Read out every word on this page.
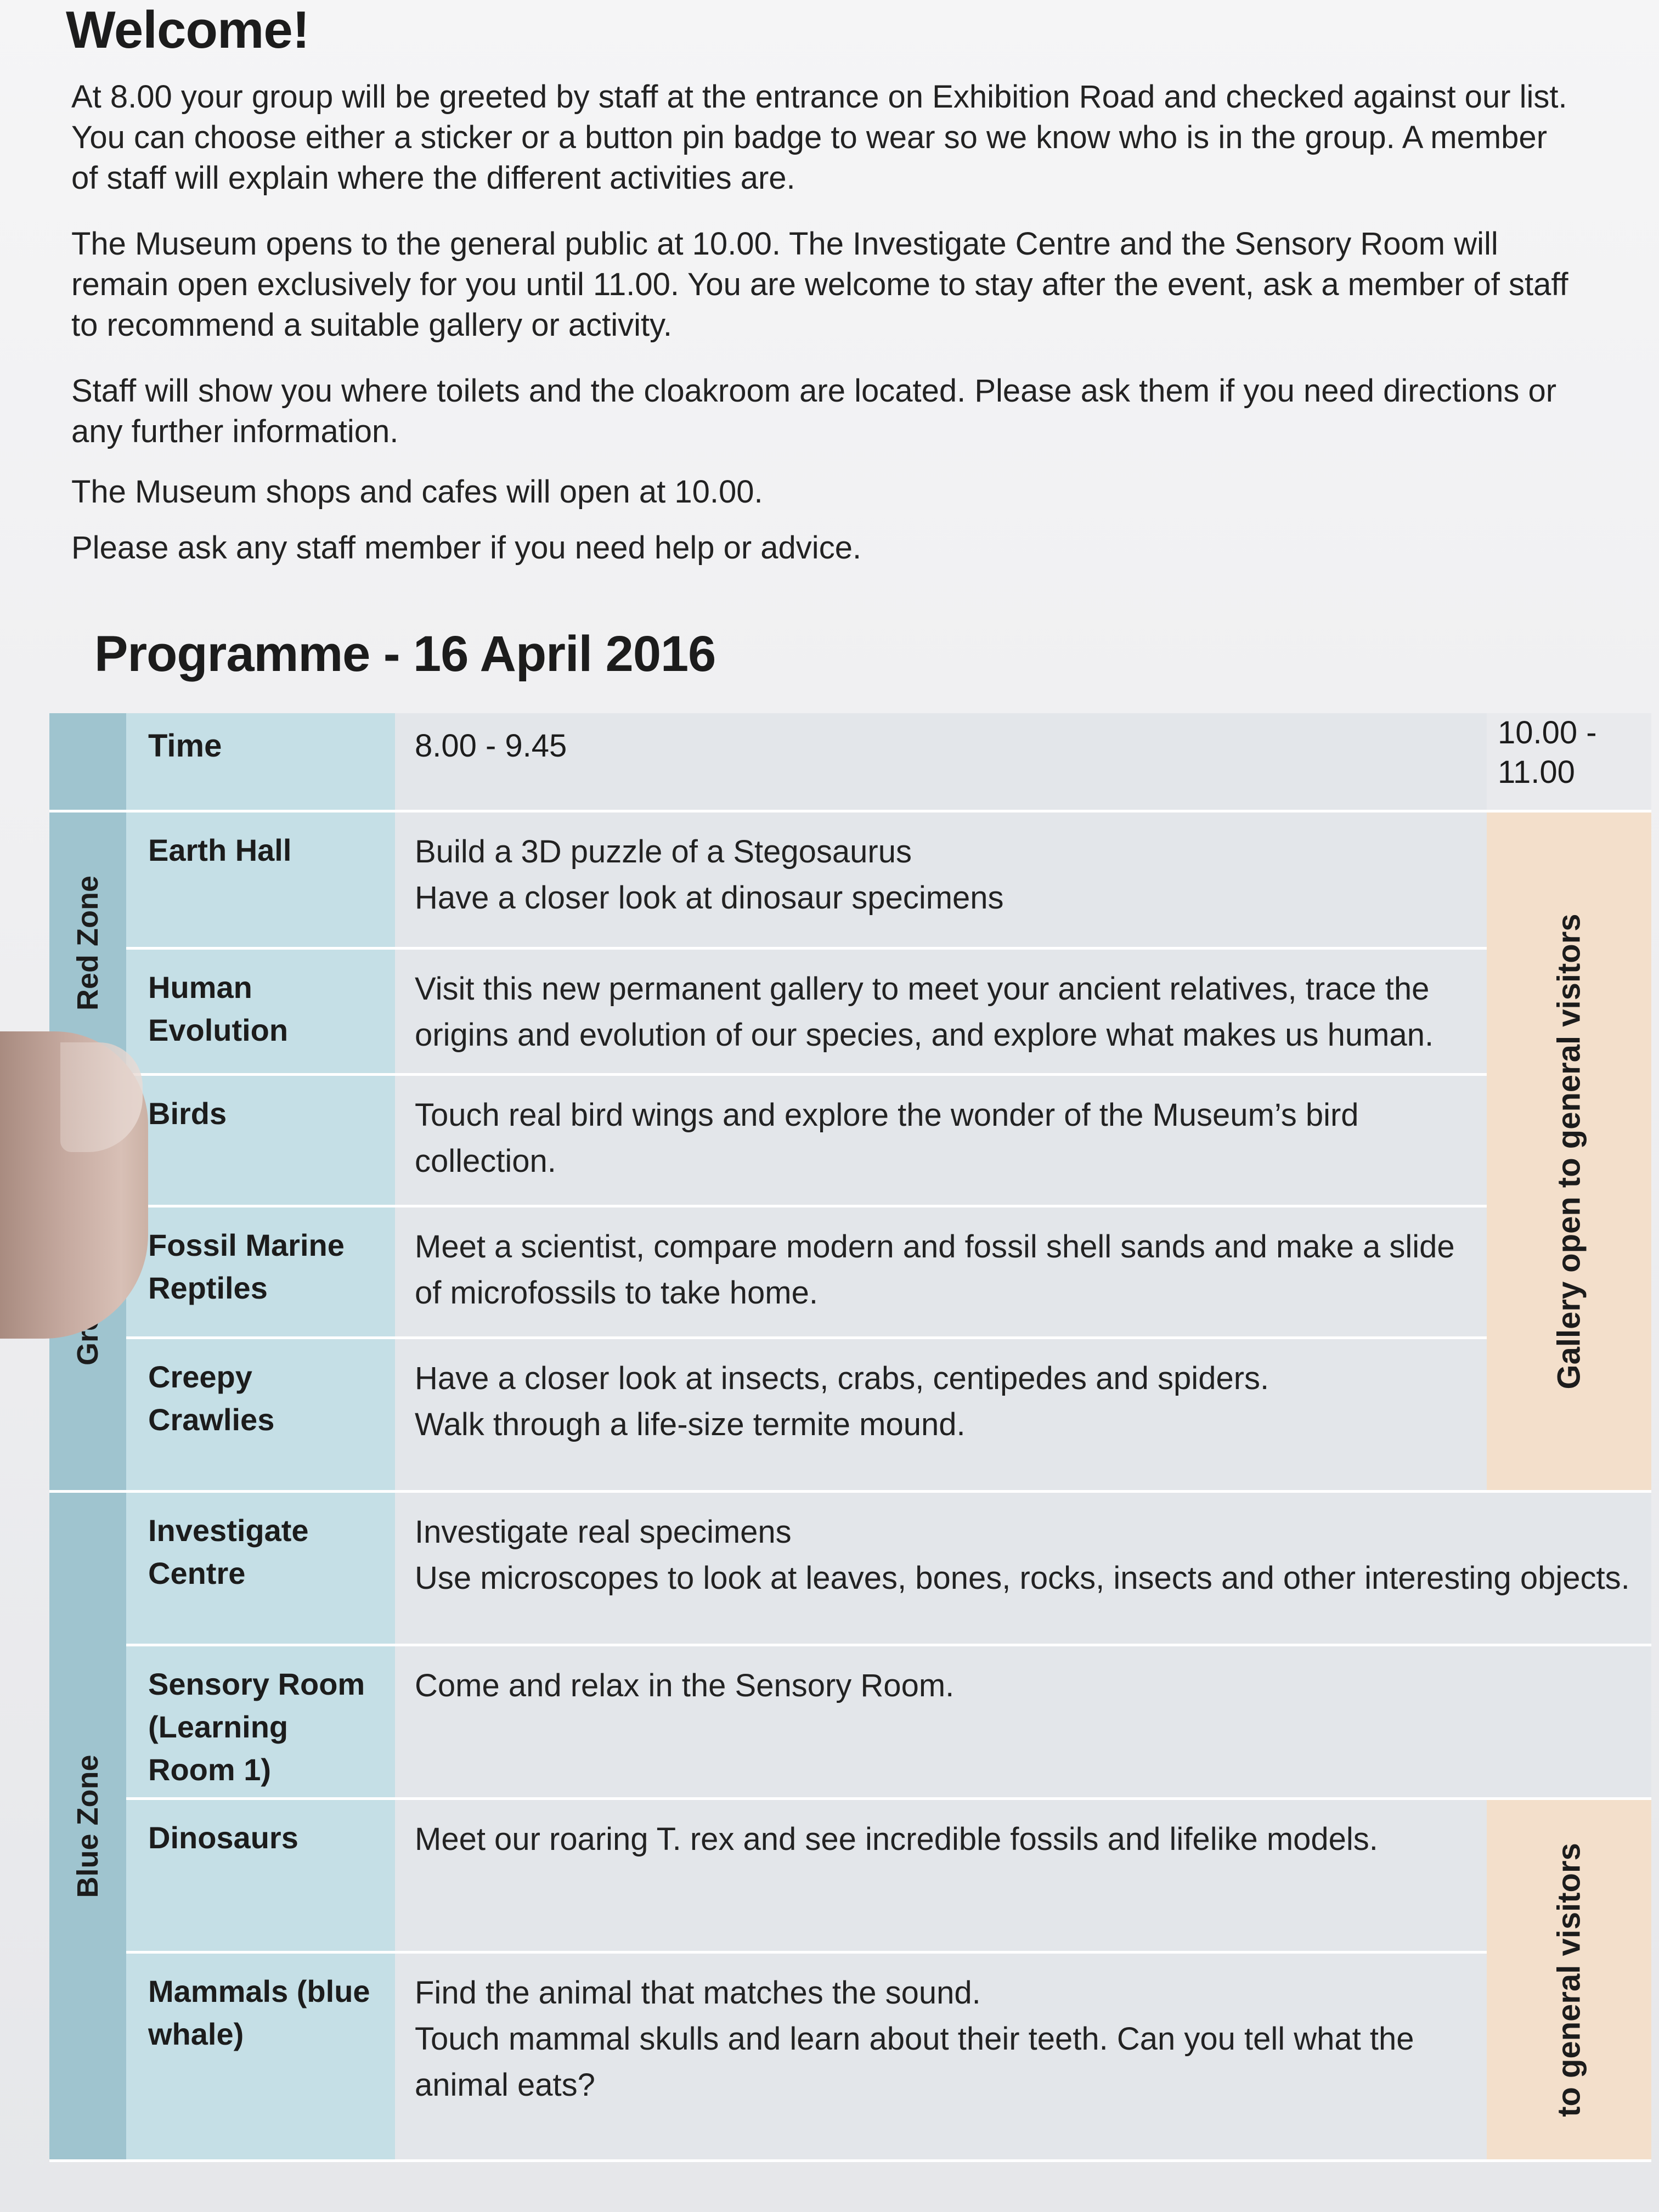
Welcome!
At 8.00 your group will be greeted by staff at the entrance on Exhibition Road and checked against our list. You can choose either a sticker or a button pin badge to wear so we know who is in the group. A member of staff will explain where the different activities are.
The Museum opens to the general public at 10.00. The Investigate Centre and the Sensory Room will remain open exclusively for you until 11.00. You are welcome to stay after the event, ask a member of staff to recommend a suitable gallery or activity.
Staff will show you where toilets and the cloakroom are located. Please ask them if you need directions or any further information.
The Museum shops and cafes will open at 10.00.
Please ask any staff member if you need help or advice.
Programme - 16 April 2016
	Time	8.00 - 9.45	10.00 - 11.00

Red Zone	Earth Hall	Build a 3D puzzle of a Stegosaurus
Have a closer look at dinosaur specimens	Gallery open to general visitors

	Human Evolution	Visit this new permanent gallery to meet your ancient relatives, trace the origins and evolution of our species, and explore what makes us human.	

	Birds	Touch real bird wings and explore the wonder of the Museum’s bird collection.	

	Fossil Marine Reptiles	Meet a scientist, compare modern and fossil shell sands and make a slide of microfossils to take home.	

	Creepy Crawlies	Have a closer look at insects, crabs, centipedes and spiders.
Walk through a life-size termite mound.	

Blue Zone	Investigate Centre	Investigate real specimens
Use microscopes to look at leaves, bones, rocks, insects and other interesting objects.	

	Sensory Room (Learning Room 1)	Come and relax in the Sensory Room.	

	Dinosaurs	Meet our roaring T. rex and see incredible fossils and lifelike models.	to general visitors

	Mammals (blue whale)	Find the animal that matches the sound.
Touch mammal skulls and learn about their teeth. Can you tell what the animal eats?	
